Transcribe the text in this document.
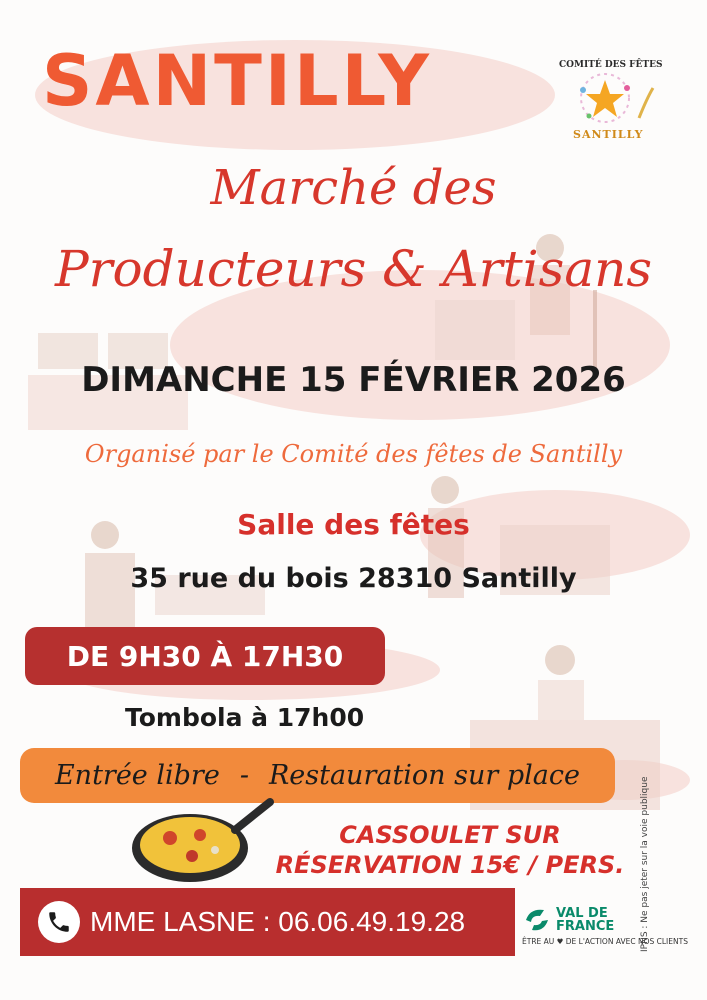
SANTILLY
Marché des
Producteurs & Artisans
COMITÉ DES FÊTES
SANTILLY
DIMANCHE 15 FÉVRIER 2026
Organisé par le Comité des fêtes de Santilly
Salle des fêtes
35 rue du bois 28310 Santilly
DE 9H30 À 17H30
Tombola à 17h00
Entrée libre - Restauration sur place
CASSOULET SUR
RÉSERVATION 15€ / PERS.
MME LASNE : 06.06.49.19.28	VAL DE
FRANCE
ÊTRE AU ♥ DE L'ACTION AVEC NOS CLIENTS
IPNS : Ne pas jeter sur la voie publique
